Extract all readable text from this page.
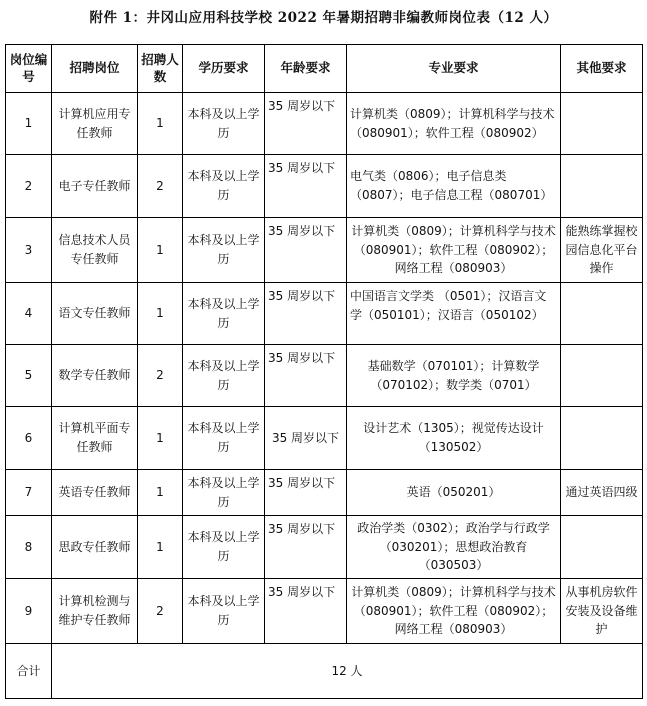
附件 1：井冈山应用科技学校 2022 年暑期招聘非编教师岗位表（12 人）
岗位编号	招聘岗位	招聘人数	学历要求	年龄要求	专业要求	其他要求
1	计算机应用专任教师	1	本科及以上学历	35 周岁以下	计算机类（0809）；计算机科学与技术（080901）；软件工程（080902）	
2	电子专任教师	2	本科及以上学历	35 周岁以下	电气类（0806）；电子信息类（0807）；电子信息工程（080701）	
3	信息技术人员专任教师	1	本科及以上学历	35 周岁以下	计算机类（0809）；计算机科学与技术（080901）；软件工程（080902）；网络工程（080903）	能熟练掌握校园信息化平台操作
4	语文专任教师	1	本科及以上学历	35 周岁以下	中国语言文学类 （0501）；汉语言文学（050101）；汉语言（050102）	
5	数学专任教师	2	本科及以上学历	35 周岁以下	基础数学（070101）；计算数学（070102）；数学类（0701）	
6	计算机平面专任教师	1	本科及以上学历	35 周岁以下	设计艺术（1305）；视觉传达设计（130502）	
7	英语专任教师	1	本科及以上学历	35 周岁以下	英语（050201）	通过英语四级
8	思政专任教师	1	本科及以上学历	35 周岁以下	政治学类（0302）；政治学与行政学（030201）；思想政治教育（030503）	
9	计算机检测与维护专任教师	2	本科及以上学历	35 周岁以下	计算机类（0809）；计算机科学与技术（080901）；软件工程（080902）；网络工程（080903）	从事机房软件安装及设备维护
合计	12 人					
